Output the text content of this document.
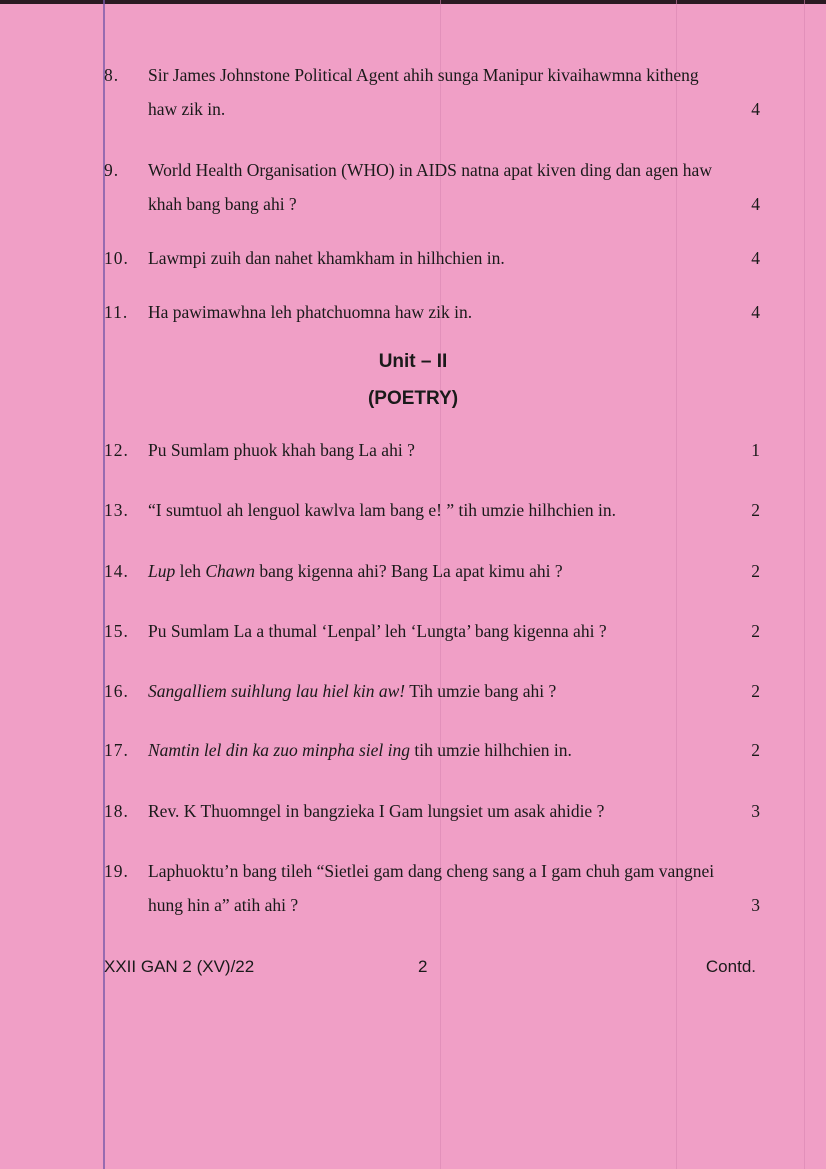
8. Sir James Johnstone Political Agent ahih sunga Manipur kivaihawmna kitheng
haw zik in.	4
9. World Health Organisation (WHO) in AIDS natna apat kiven ding dan agen haw
khah bang bang ahi ?	4
10. Lawmpi zuih dan nahet khamkham in hilhchien in.	4
11. Ha pawimawhna leh phatchuomna haw zik in.	4
Unit – II
(POETRY)
12. Pu Sumlam phuok khah bang La ahi ?	1
13. “I sumtuol ah lenguol kawlva lam bang e! ” tih umzie hilhchien in.	2
14. Lup leh Chawn bang kigenna ahi? Bang La apat kimu ahi ?	2
15. Pu Sumlam La a thumal ‘Lenpal’ leh ‘Lungta’ bang kigenna ahi ?	2
16. Sangalliem suihlung lau hiel kin aw! Tih umzie bang ahi ?	2
17. Namtin lel din ka zuo minpha siel ing tih umzie hilhchien in.	2
18. Rev. K Thuomngel in bangzieka I Gam lungsiet um asak ahidie ?	3
19. Laphuoktu’n bang tileh “Sietlei gam dang cheng sang a I gam chuh gam vangnei
hung hin a” atih ahi ?	3
XXII GAN 2 (XV)/22	2	Contd.
